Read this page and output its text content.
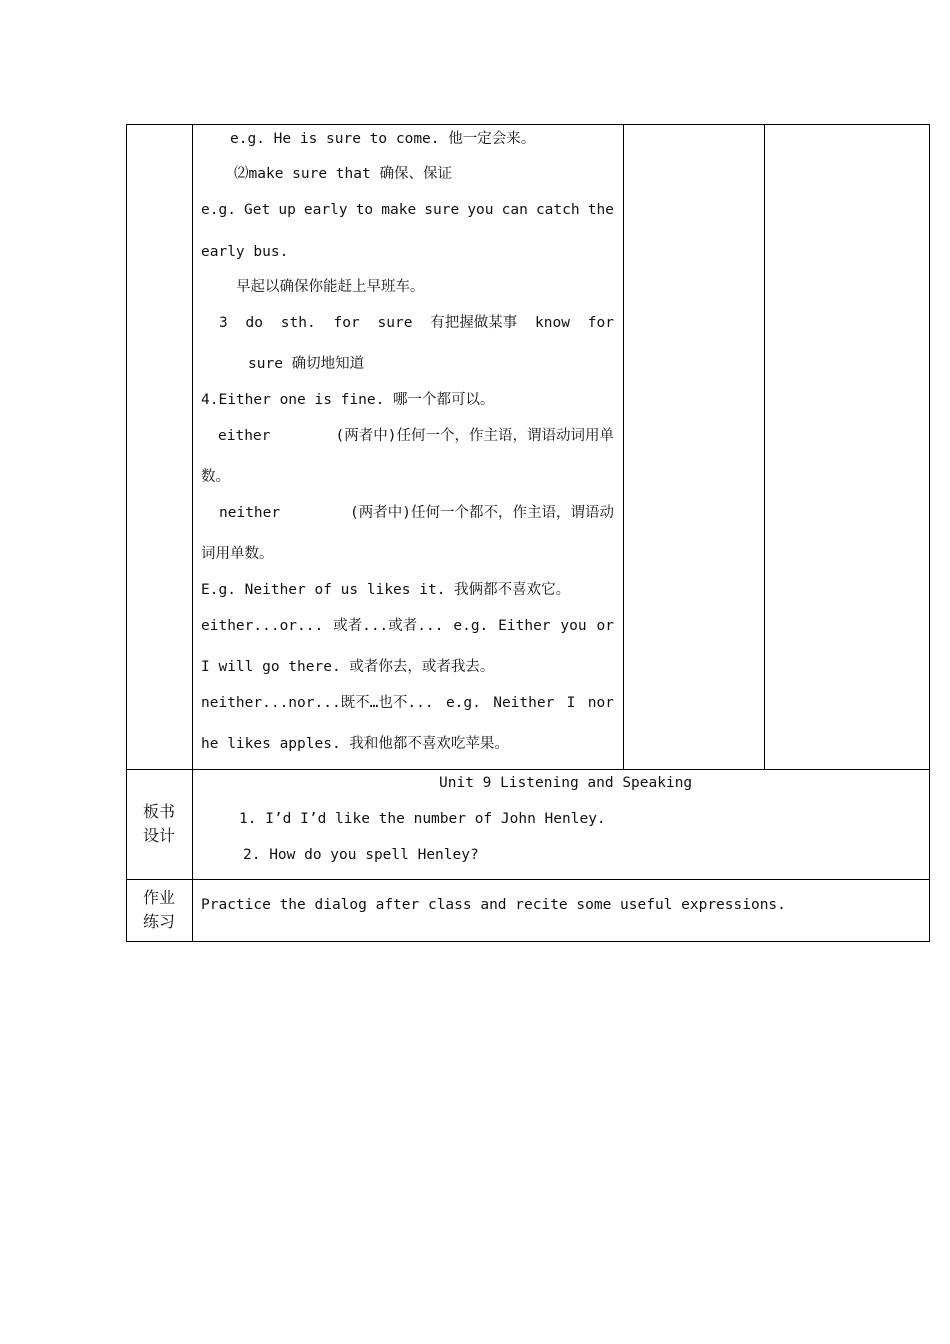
e.g. He is sure to come. 他一定会来。
⑵make sure that 确保、保证
e.g. Get up early to make sure you can catch the
early bus.
早起以确保你能赶上早班车。
3 do sth. for sure 有把握做某事 know for
sure 确切地知道
4.Either one is fine. 哪一个都可以。
either	(两者中)任何一个，作主语，谓语动词用单
数。
neither	(两者中)任何一个都不，作主语，谓语动
词用单数。
E.g. Neither of us likes it. 我俩都不喜欢它。
either...or... 或者...或者... e.g. Either you or
I will go there. 或者你去，或者我去。
neither...nor...既不…也不... e.g. Neither I nor
he likes apples. 我和他都不喜欢吃苹果。
板书
设计
Unit 9 Listening and Speaking
1. I’d I’d like the number of John Henley.
2. How do you spell Henley?
作业
练习
Practice the dialog after class and recite some useful expressions.
